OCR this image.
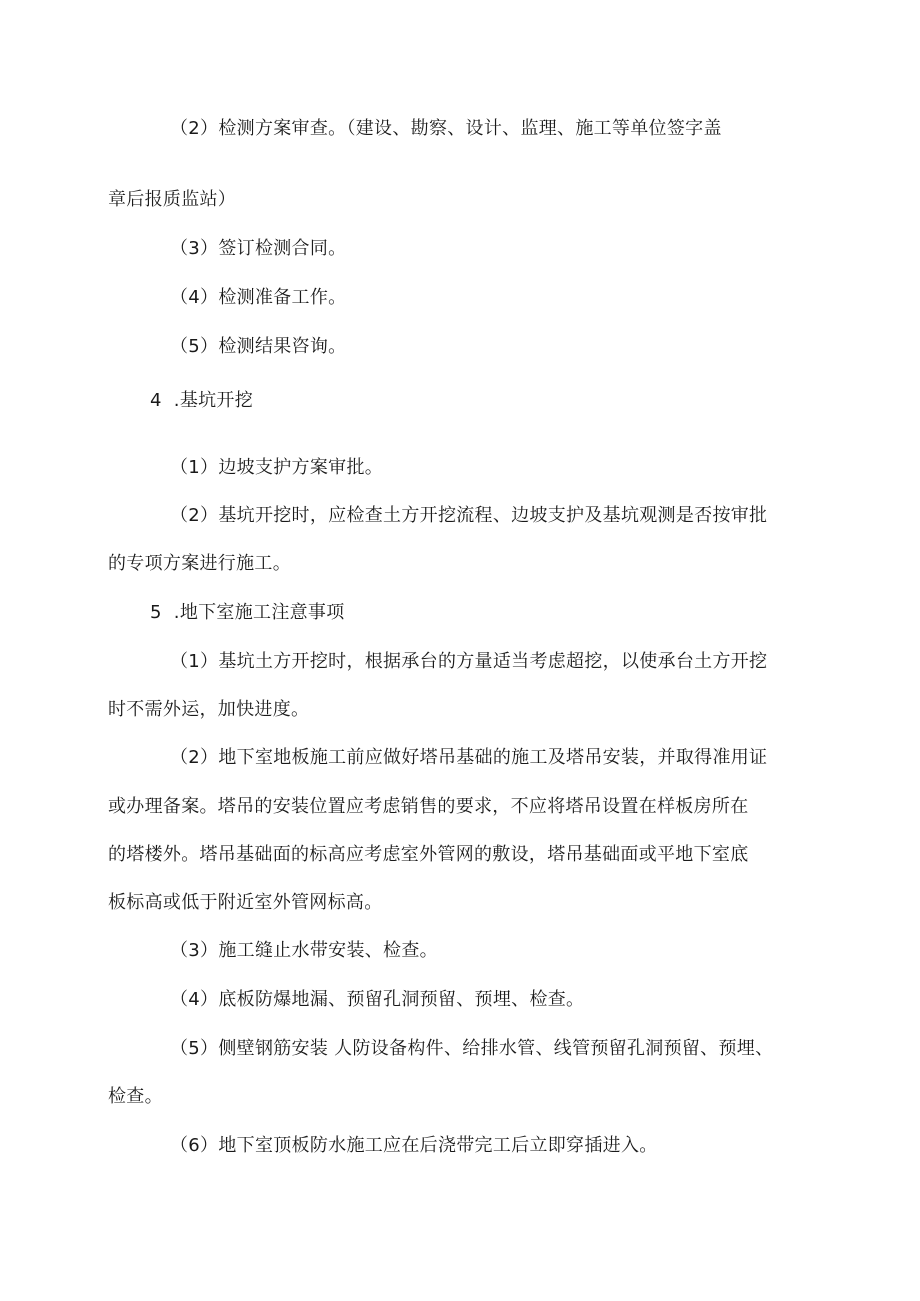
（2）检测方案审查。（建设、勘察、设计、监理、施工等单位签字盖
章后报质监站）
（3）签订检测合同。
（4）检测准备工作。
（5）检测结果咨询。
4  .基坑开挖
（1）边坡支护方案审批。
（2）基坑开挖时，应检查土方开挖流程、边坡支护及基坑观测是否按审批
的专项方案进行施工。
5  .地下室施工注意事项
（1）基坑土方开挖时，根据承台的方量适当考虑超挖，以使承台土方开挖
时不需外运，加快进度。
（2）地下室地板施工前应做好塔吊基础的施工及塔吊安装，并取得准用证
或办理备案。塔吊的安装位置应考虑销售的要求，不应将塔吊设置在样板房所在
的塔楼外。塔吊基础面的标高应考虑室外管网的敷设，塔吊基础面或平地下室底
板标高或低于附近室外管网标高。
（3）施工缝止水带安装、检查。
（4）底板防爆地漏、预留孔洞预留、预埋、检查。
（5）侧壁钢筋安装 人防设备构件、给排水管、线管预留孔洞预留、预埋、
检查。
（6）地下室顶板防水施工应在后浇带完工后立即穿插进入。
